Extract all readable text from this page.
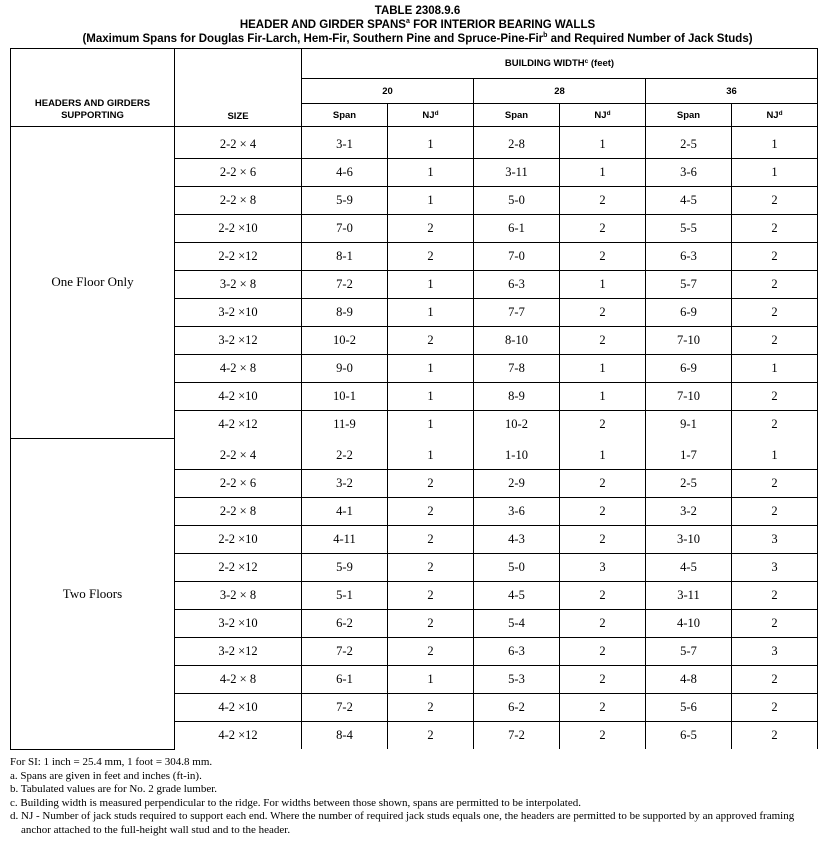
TABLE 2308.9.6
HEADER AND GIRDER SPANS$^a$ FOR INTERIOR BEARING WALLS
(Maximum Spans for Douglas Fir-Larch, Hem-Fir, Southern Pine and Spruce-Pine-Fir$^b$ and Required Number of Jack Studs)
HEADERS AND GIRDERS
SUPPORTING	SIZE	BUILDING WIDTH$^c$ (feet)					
		20		28		36	
		Span	$NJ^d$	Span	$NJ^d$	Span	$NJ^d$
One Floor Only	2-2 × 4	3-1	1	2-8	1	2-5	1
	2-2 × 6	4-6	1	3-11	1	3-6	1
	2-2 × 8	5-9	1	5-0	2	4-5	2
	2-2 ×10	7-0	2	6-1	2	5-5	2
	2-2 ×12	8-1	2	7-0	2	6-3	2
	3-2 × 8	7-2	1	6-3	1	5-7	2
	3-2 ×10	8-9	1	7-7	2	6-9	2
	3-2 ×12	10-2	2	8-10	2	7-10	2
	4-2 × 8	9-0	1	7-8	1	6-9	1
	4-2 ×10	10-1	1	8-9	1	7-10	2
	4-2 ×12	11-9	1	10-2	2	9-1	2
Two Floors	2-2 × 4	2-2	1	1-10	1	1-7	1
	2-2 × 6	3-2	2	2-9	2	2-5	2
	2-2 × 8	4-1	2	3-6	2	3-2	2
	2-2 ×10	4-11	2	4-3	2	3-10	3
	2-2 ×12	5-9	2	5-0	3	4-5	3
	3-2 × 8	5-1	2	4-5	2	3-11	2
	3-2 ×10	6-2	2	5-4	2	4-10	2
	3-2 ×12	7-2	2	6-3	2	5-7	3
	4-2 × 8	6-1	1	5-3	2	4-8	2
	4-2 ×10	7-2	2	6-2	2	5-6	2
	4-2 ×12	8-4	2	7-2	2	6-5	2
For SI: 1 inch = 25.4 mm, 1 foot = 304.8 mm.
a. Spans are given in feet and inches (ft-in).
b. Tabulated values are for No. 2 grade lumber.
c. Building width is measured perpendicular to the ridge. For widths between those shown, spans are permitted to be interpolated.
d. NJ - Number of jack studs required to support each end. Where the number of required jack studs equals one, the headers are permitted to be supported by an approved framing anchor attached to the full-height wall stud and to the header.
